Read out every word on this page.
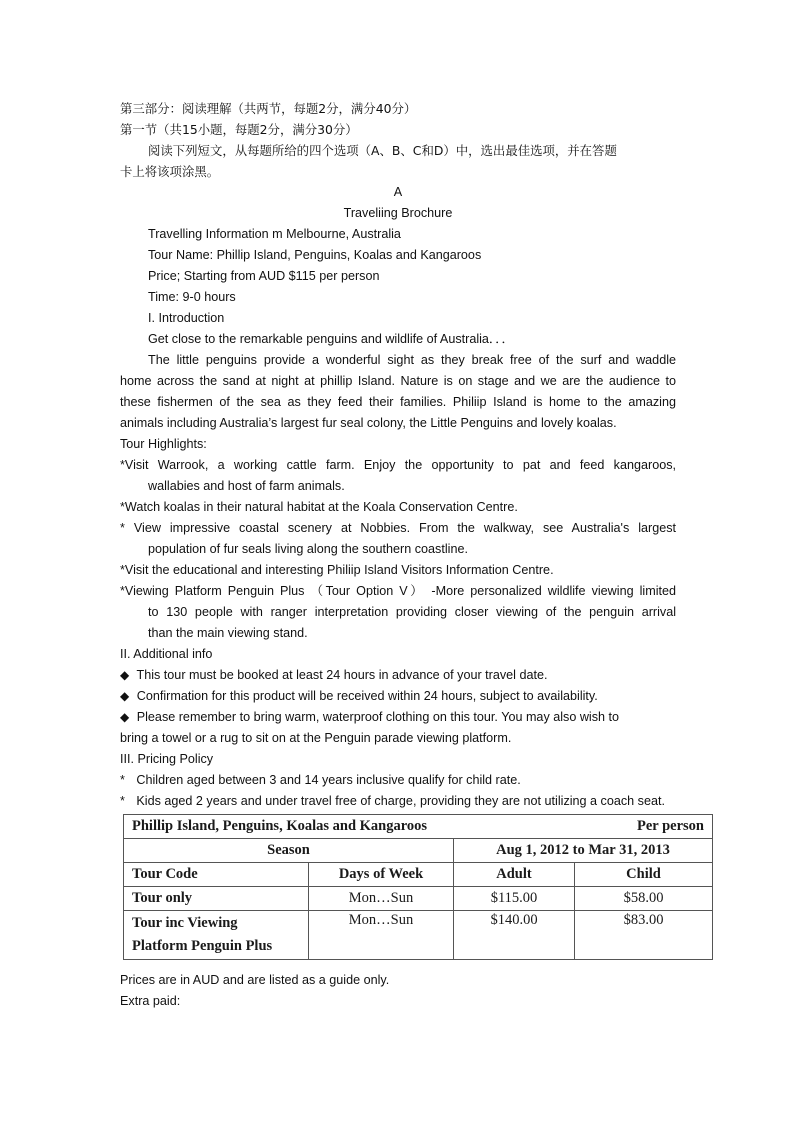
第三部分：阅读理解（共两节，每题2分，满分40分）
第一节（共15小题，每题2分，满分30分）
阅读下列短文，从每题所给的四个选项（A、B、C和D）中，选出最佳选项，并在答题
卡上将该项涂黑。
A
Traveliing Brochure
Travelling Information m Melbourne, Australia
Tour Name: Phillip Island, Penguins, Koalas and Kangaroos
Price; Starting from AUD $115 per person
Time: 9-0 hours
I. Introduction
Get close to the remarkable penguins and wildlife of Australia．．．
The little penguins provide a wonderful sight as they break free of the surf and waddle
home across the sand at night at phillip Island. Nature is on stage and we are the audience to
these fishermen of the sea as they feed their families. Philiip Island is home to the amazing
animals including Australia’s largest fur seal colony, the Little Penguins and lovely koalas.
Tour Highlights:
*Visit Warrook, a working cattle farm. Enjoy the opportunity to pat and feed kangaroos,
wallabies and host of farm animals.
*Watch koalas in their natural habitat at the Koala Conservation Centre.
* View impressive coastal scenery at Nobbies. From the walkway, see Australia's largest
population of fur seals living along the southern coastline.
*Visit the educational and interesting Philiip Island Visitors Information Centre.
*Viewing Platform Penguin Plus （Tour Option V） -More personalized wildlife viewing limited
to 130 people with ranger interpretation providing closer viewing of the penguin arrival
than the main viewing stand.
II. Additional info
◆ This tour must be booked at least 24 hours in advance of your travel date.
◆ Confirmation for this product will be received within 24 hours, subject to availability.
◆ Please remember to bring warm, waterproof clothing on this tour. You may also wish to
bring a towel or a rug to sit on at the Penguin parade viewing platform.
III. Pricing Policy
* Children aged between 3 and 14 years inclusive qualify for child rate.
* Kids aged 2 years and under travel free of charge, providing they are not utilizing a coach seat.
Phillip Island, Penguins, Koalas and Kangaroos Per person			

Season		Aug 1, 2012 to Mar 31, 2013	
Tour Code	Days of Week	Adult	Child
Tour only	Mon…Sun	$115.00	$58.00

Tour inc Viewing
Platform Penguin Plus	Mon…Sun	$140.00	$83.00
Prices are in AUD and are listed as a guide only.
Extra paid:
